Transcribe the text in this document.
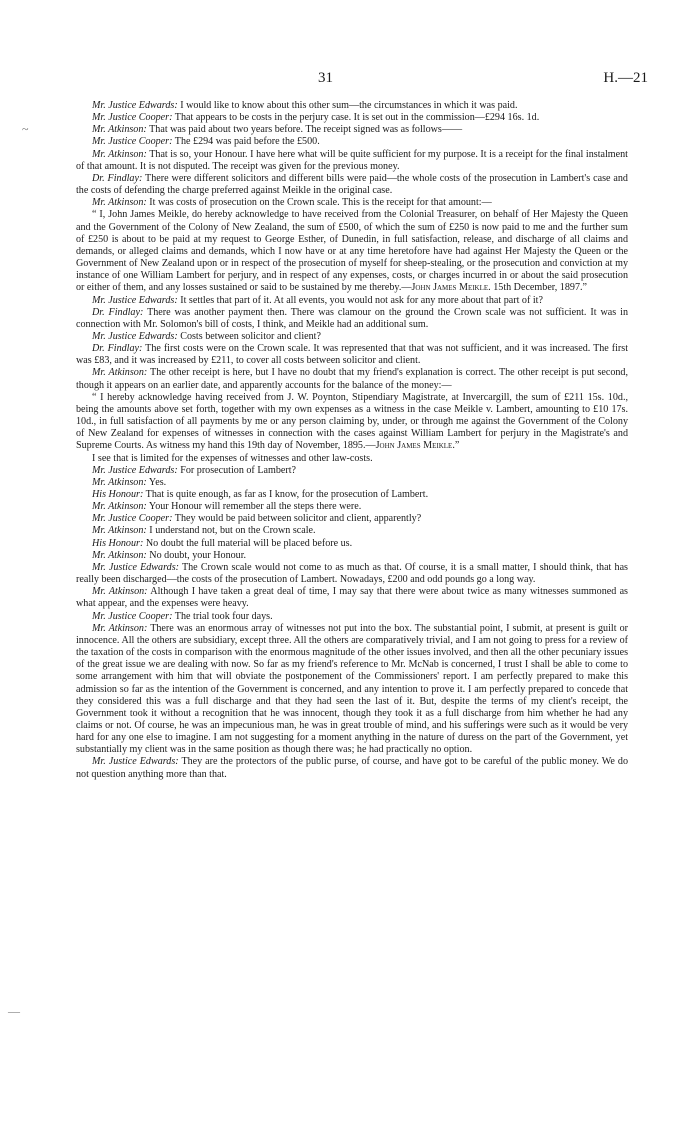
31	H.—21
~
—

Mr. Justice Edwards: I would like to know about this other sum—the circumstances in which it was paid.

Mr. Justice Cooper: That appears to be costs in the perjury case. It is set out in the commission—£294 16s. 1d.

Mr. Atkinson: That was paid about two years before. The receipt signed was as follows——

Mr. Justice Cooper: The £294 was paid before the £500.

Mr. Atkinson: That is so, your Honour. I have here what will be quite sufficient for my purpose. It is a receipt for the final instalment of that amount. It is not disputed. The receipt was given for the previous money.

Dr. Findlay: There were different solicitors and different bills were paid—the whole costs of the prosecution in Lambert's case and the costs of defending the charge preferred against Meikle in the original case.

Mr. Atkinson: It was costs of prosecution on the Crown scale. This is the receipt for that amount:—

“ I, John James Meikle, do hereby acknowledge to have received from the Colonial Treasurer, on behalf of Her Majesty the Queen and the Government of the Colony of New Zealand, the sum of £500, of which the sum of £250 is now paid to me and the further sum of £250 is about to be paid at my request to George Esther, of Dunedin, in full satisfaction, release, and discharge of all claims and demands, or alleged claims and demands, which I now have or at any time heretofore have had against Her Majesty the Queen or the Government of New Zealand upon or in respect of the prosecution of myself for sheep-stealing, or the prosecution and conviction at my instance of one William Lambert for perjury, and in respect of any expenses, costs, or charges incurred in or about the said prosecution or either of them, and any losses sustained or said to be sustained by me thereby.—John James Meikle. 15th December, 1897.”

Mr. Justice Edwards: It settles that part of it. At all events, you would not ask for any more about that part of it?

Dr. Findlay: There was another payment then. There was clamour on the ground the Crown scale was not sufficient. It was in connection with Mr. Solomon's bill of costs, I think, and Meikle had an additional sum.

Mr. Justice Edwards: Costs between solicitor and client?

Dr. Findlay: The first costs were on the Crown scale. It was represented that that was not sufficient, and it was increased. The first was £83, and it was increased by £211, to cover all costs between solicitor and client.

Mr. Atkinson: The other receipt is here, but I have no doubt that my friend's explanation is correct. The other receipt is put second, though it appears on an earlier date, and apparently accounts for the balance of the money:—

“ I hereby acknowledge having received from J. W. Poynton, Stipendiary Magistrate, at Invercargill, the sum of £211 15s. 10d., being the amounts above set forth, together with my own expenses as a witness in the case Meikle v. Lambert, amounting to £10 17s. 10d., in full satisfaction of all payments by me or any person claiming by, under, or through me against the Government of the Colony of New Zealand for expenses of witnesses in connection with the cases against William Lambert for perjury in the Magistrate's and Supreme Courts. As witness my hand this 19th day of November, 1895.—John James Meikle.”

I see that is limited for the expenses of witnesses and other law-costs.

Mr. Justice Edwards: For prosecution of Lambert?

Mr. Atkinson: Yes.

His Honour: That is quite enough, as far as I know, for the prosecution of Lambert.

Mr. Atkinson: Your Honour will remember all the steps there were.

Mr. Justice Cooper: They would be paid between solicitor and client, apparently?

Mr. Atkinson: I understand not, but on the Crown scale.

His Honour: No doubt the full material will be placed before us.

Mr. Atkinson: No doubt, your Honour.

Mr. Justice Edwards: The Crown scale would not come to as much as that. Of course, it is a small matter, I should think, that has really been discharged—the costs of the prosecution of Lambert. Nowadays, £200 and odd pounds go a long way.

Mr. Atkinson: Although I have taken a great deal of time, I may say that there were about twice as many witnesses summoned as what appear, and the expenses were heavy.

Mr. Justice Cooper: The trial took four days.

Mr. Atkinson: There was an enormous array of witnesses not put into the box. The substantial point, I submit, at present is guilt or innocence. All the others are subsidiary, except three. All the others are comparatively trivial, and I am not going to press for a review of the taxation of the costs in comparison with the enormous magnitude of the other issues involved, and then all the other pecuniary issues of the great issue we are dealing with now. So far as my friend's reference to Mr. McNab is concerned, I trust I shall be able to come to some arrangement with him that will obviate the postponement of the Commissioners' report. I am perfectly prepared to make this admission so far as the intention of the Government is concerned, and any intention to prove it. I am perfectly prepared to concede that they considered this was a full discharge and that they had seen the last of it. But, despite the terms of my client's receipt, the Government took it without a recognition that he was innocent, though they took it as a full discharge from him whether he had any claims or not. Of course, he was an impecunious man, he was in great trouble of mind, and his sufferings were such as it would be very hard for any one else to imagine. I am not suggesting for a moment anything in the nature of duress on the part of the Government, yet substantially my client was in the same position as though there was; he had practically no option.

Mr. Justice Edwards: They are the protectors of the public purse, of course, and have got to be careful of the public money. We do not question anything more than that.
